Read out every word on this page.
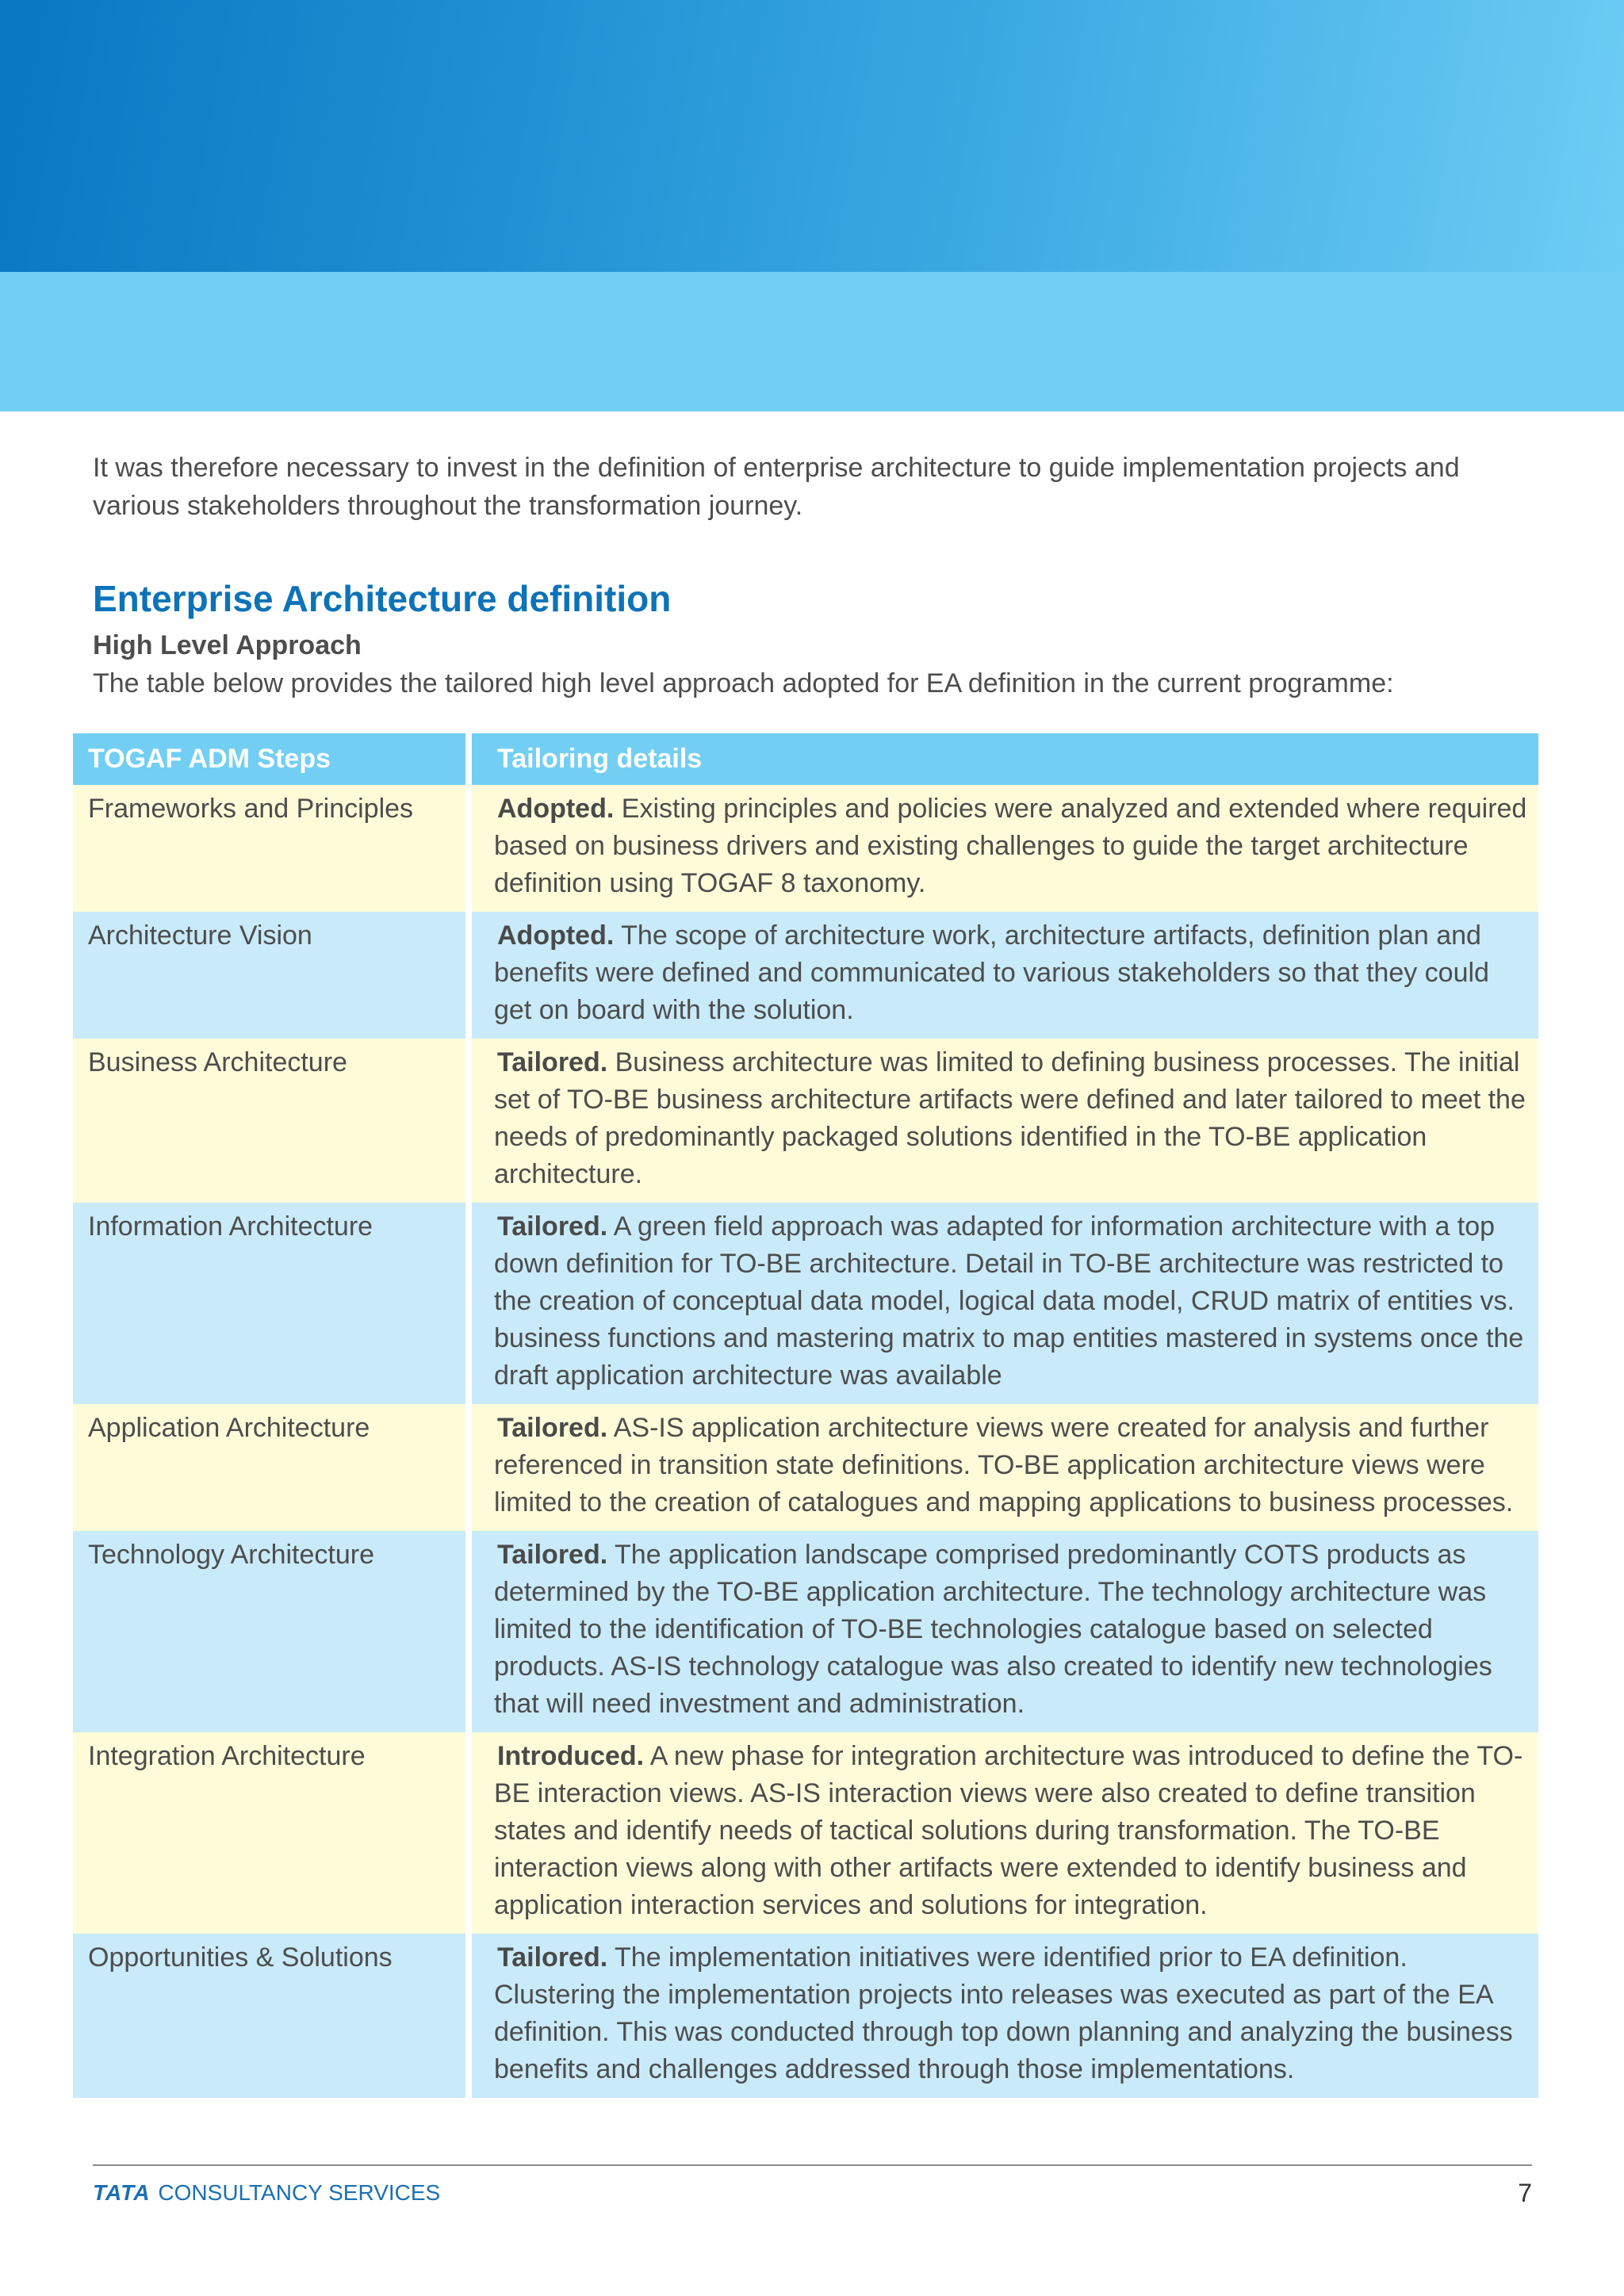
It was therefore necessary to invest in the definition of enterprise architecture to guide implementation projects and various stakeholders throughout the transformation journey.
Enterprise Architecture definition
High Level Approach
The table below provides the tailored high level approach adopted for EA definition in the current programme:
TOGAF ADM Steps	Tailoring details
Frameworks and Principles	Adopted. Existing principles and policies were analyzed and extended where required based on business drivers and existing challenges to guide the target architecture definition using TOGAF 8 taxonomy.
Architecture Vision	Adopted. The scope of architecture work, architecture artifacts, definition plan and benefits were defined and communicated to various stakeholders so that they could get on board with the solution.
Business Architecture	Tailored. Business architecture was limited to defining business processes. The initial set of TO-BE business architecture artifacts were defined and later tailored to meet the needs of predominantly packaged solutions identified in the TO-BE application architecture.
Information Architecture	Tailored. A green field approach was adapted for information architecture with a top down definition for TO-BE architecture. Detail in TO-BE architecture was restricted to the creation of conceptual data model, logical data model, CRUD matrix of entities vs. business functions and mastering matrix to map entities mastered in systems once the draft application architecture was available
Application Architecture	Tailored. AS-IS application architecture views were created for analysis and further referenced in transition state definitions. TO-BE application architecture views were limited to the creation of catalogues and mapping applications to business processes.
Technology Architecture	Tailored. The application landscape comprised predominantly COTS products as determined by the TO-BE application architecture. The technology architecture was limited to the identification of TO-BE technologies catalogue based on selected products. AS-IS technology catalogue was also created to identify new technologies that will need investment and administration.
Integration Architecture	Introduced. A new phase for integration architecture was introduced to define the TO-BE interaction views. AS-IS interaction views were also created to define transition states and identify needs of tactical solutions during transformation. The TO-BE interaction views along with other artifacts were extended to identify business and application interaction services and solutions for integration.
Opportunities & Solutions	Tailored. The implementation initiatives were identified prior to EA definition. Clustering the implementation projects into releases was executed as part of the EA definition. This was conducted through top down planning and analyzing the business benefits and challenges addressed through those implementations.
TATA CONSULTANCY SERVICES	7
